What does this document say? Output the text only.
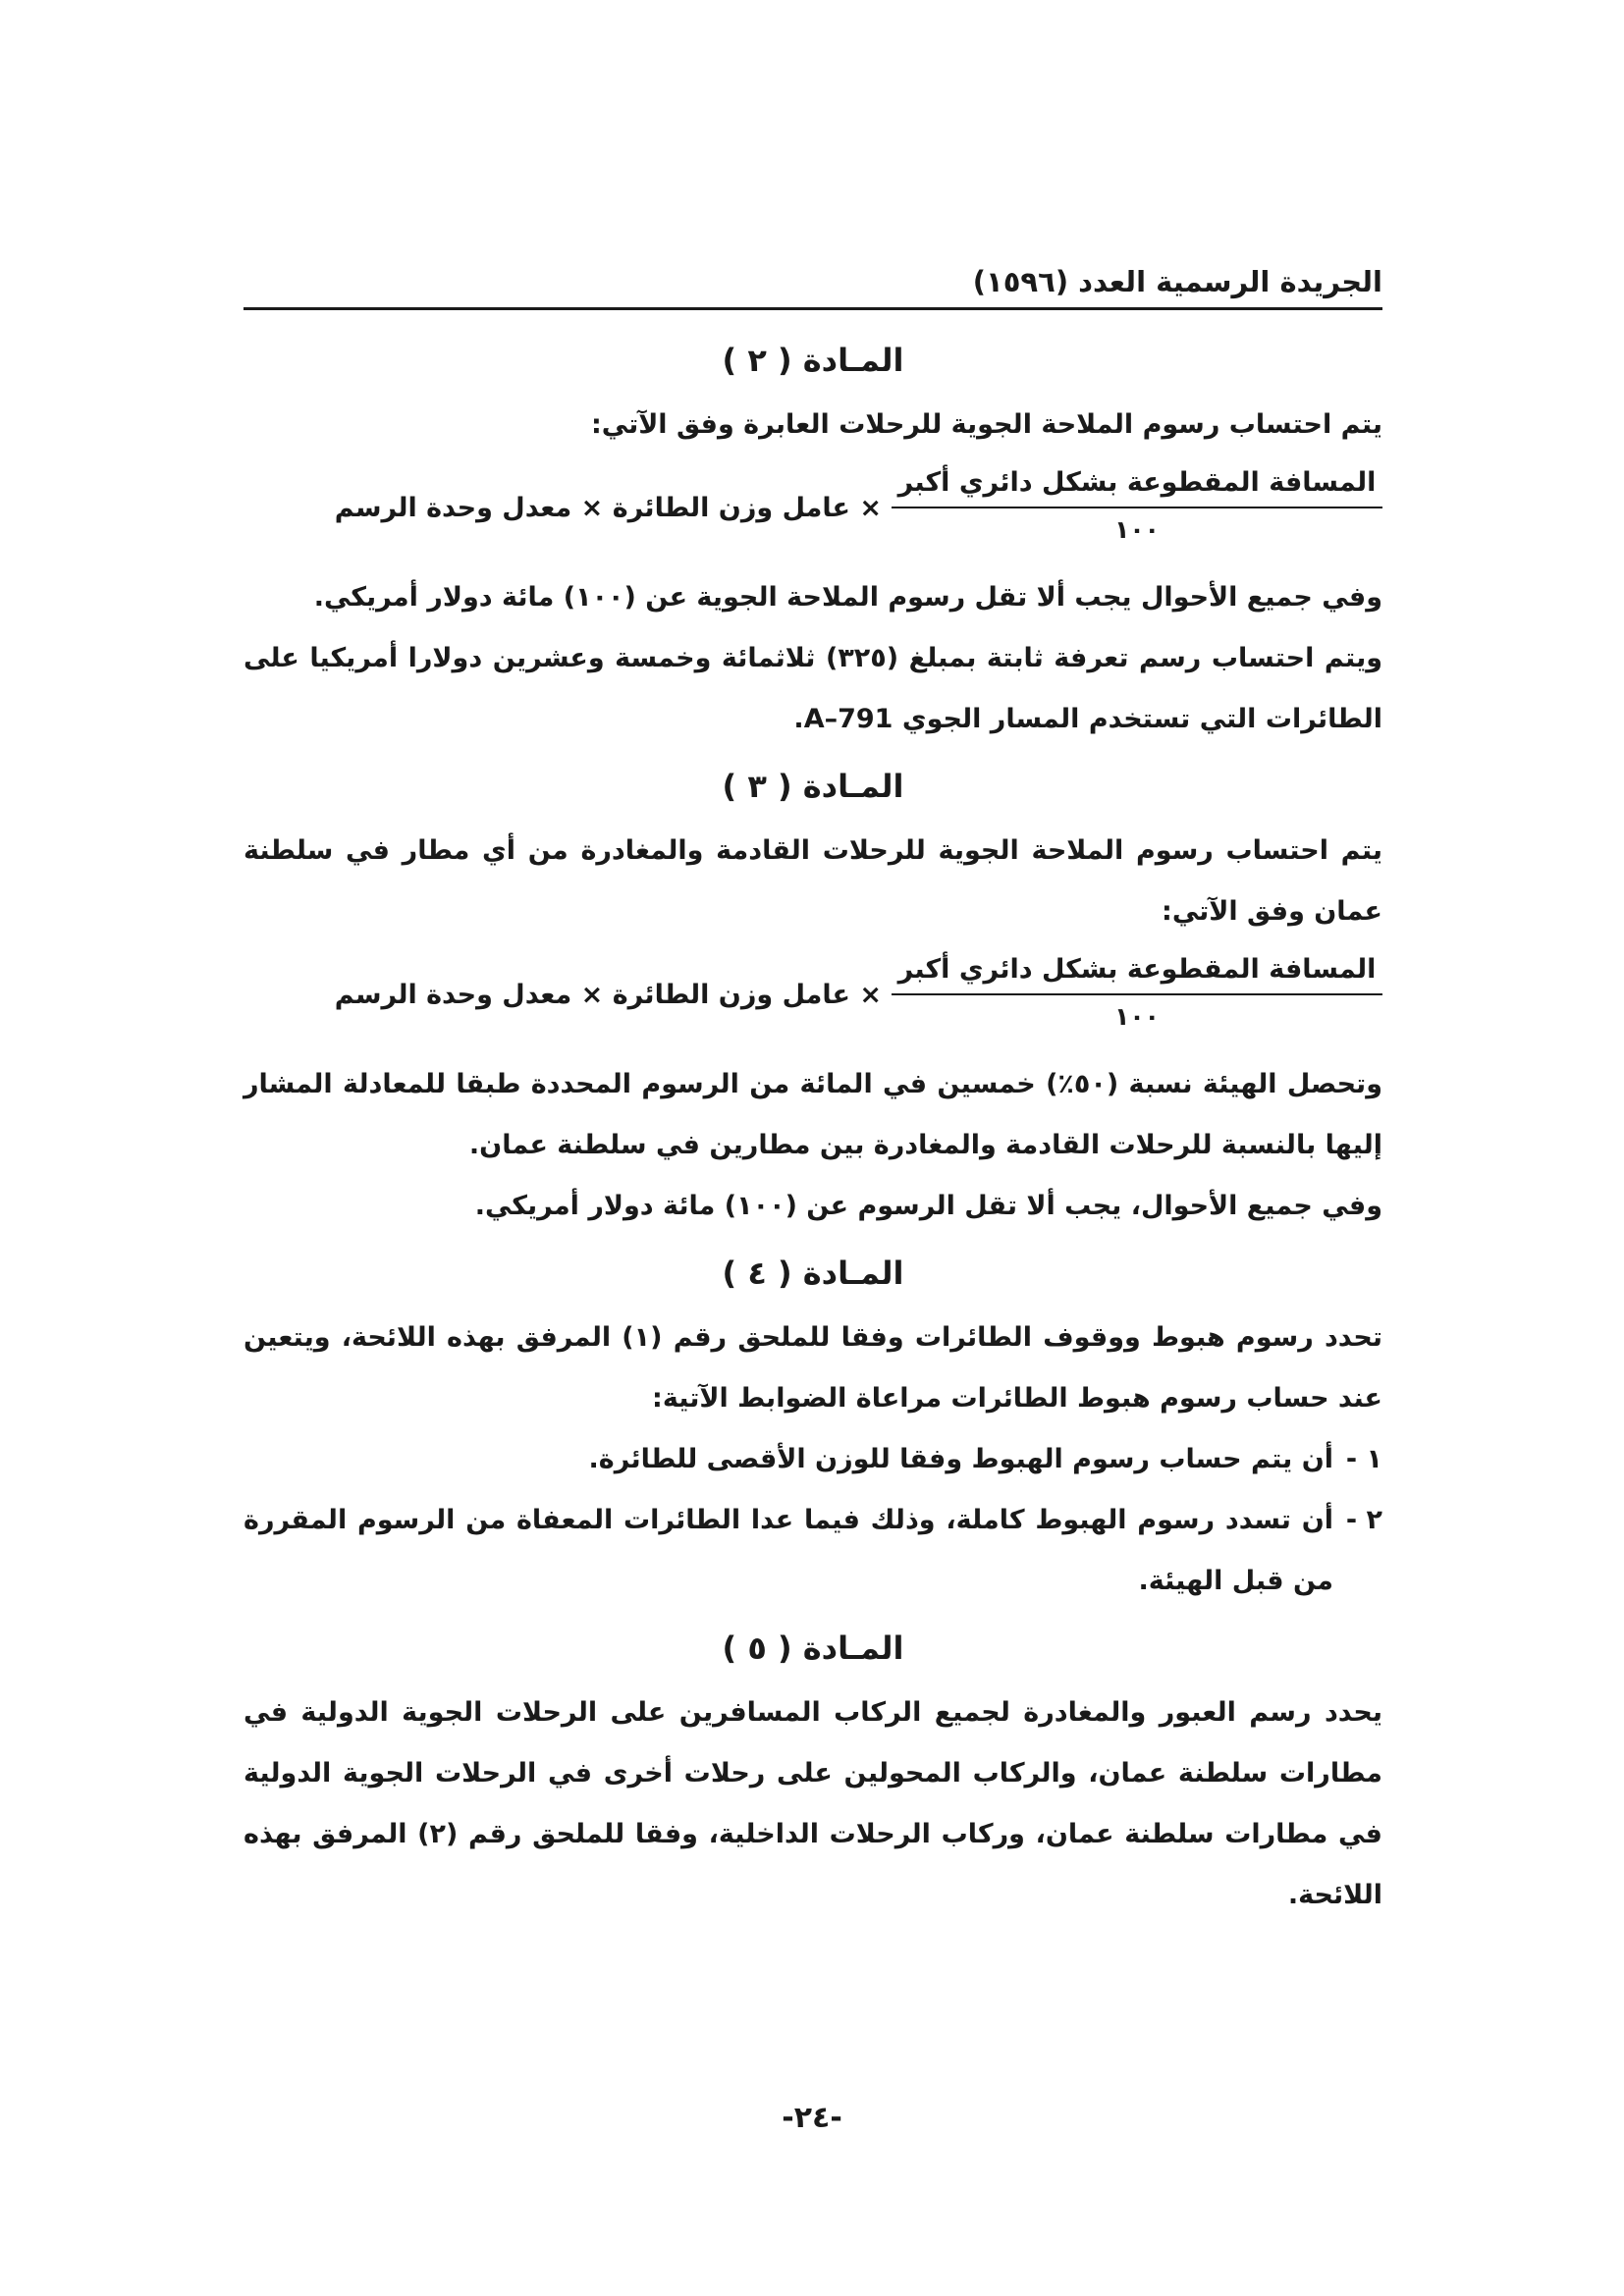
الجريدة الرسمية العدد (١٥٩٦)
المـادة ( ٢ )

يتم احتساب رسوم الملاحة الجوية للرحلات العابرة وفق الآتي:

المسافة المقطوعة بشكل دائري أكبر
١٠٠
× عامل وزن الطائرة × معدل وحدة الرسم

وفي جميع الأحوال يجب ألا تقل رسوم الملاحة الجوية عن (١٠٠) مائة دولار أمريكي.

ويتم احتساب رسم تعرفة ثابتة بمبلغ (٣٢٥) ثلاثمائة وخمسة وعشرين دولارا أمريكيا على الطائرات التي تستخدم المسار الجوي A–791.

المـادة ( ٣ )

يتم احتساب رسوم الملاحة الجوية للرحلات القادمة والمغادرة من أي مطار في سلطنة عمان وفق الآتي:

المسافة المقطوعة بشكل دائري أكبر
١٠٠
× عامل وزن الطائرة × معدل وحدة الرسم

وتحصل الهيئة نسبة (٥٠٪) خمسين في المائة من الرسوم المحددة طبقا للمعادلة المشار إليها بالنسبة للرحلات القادمة والمغادرة بين مطارين في سلطنة عمان.

وفي جميع الأحوال، يجب ألا تقل الرسوم عن (١٠٠) مائة دولار أمريكي.

المـادة ( ٤ )

تحدد رسوم هبوط ووقوف الطائرات وفقا للملحق رقم (١) المرفق بهذه اللائحة، ويتعين عند حساب رسوم هبوط الطائرات مراعاة الضوابط الآتية:

١ -
أن يتم حساب رسوم الهبوط وفقا للوزن الأقصى للطائرة.
٢ -
أن تسدد رسوم الهبوط كاملة، وذلك فيما عدا الطائرات المعفاة من الرسوم المقررة من قبل الهيئة.
المـادة ( ٥ )

يحدد رسم العبور والمغادرة لجميع الركاب المسافرين على الرحلات الجوية الدولية في مطارات سلطنة عمان، والركاب المحولين على رحلات أخرى في الرحلات الجوية الدولية في مطارات سلطنة عمان، وركاب الرحلات الداخلية، وفقا للملحق رقم (٢) المرفق بهذه اللائحة.

-٢٤-
